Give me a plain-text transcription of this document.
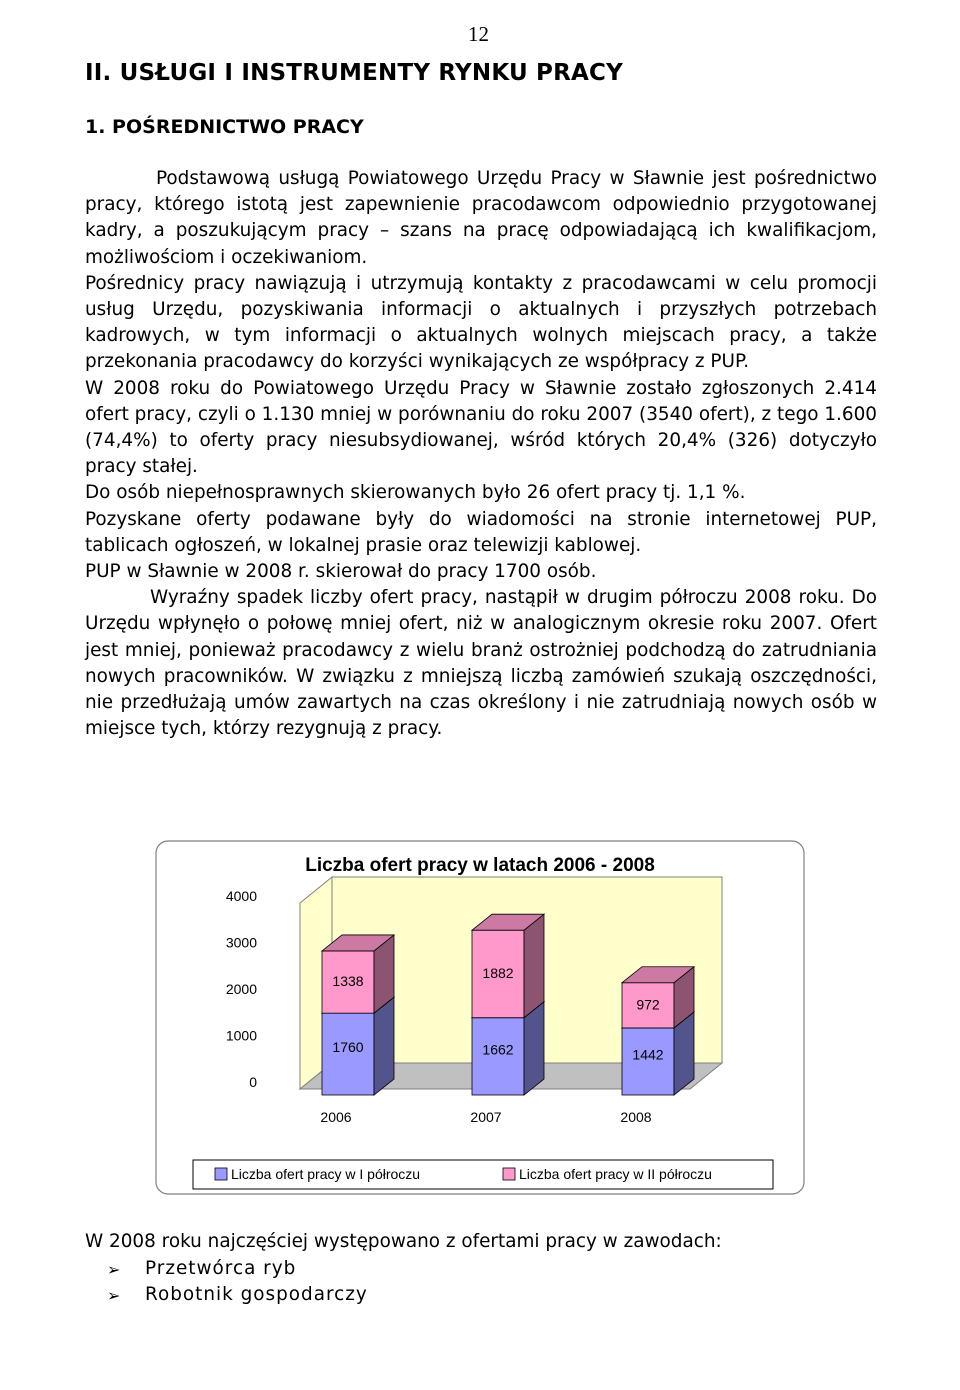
12
II. USŁUGI I INSTRUMENTY RYNKU PRACY
1. POŚREDNICTWO PRACY

Podstawową usługą Powiatowego Urzędu Pracy w Sławnie jest pośrednictwo pracy, którego istotą jest zapewnienie pracodawcom odpowiednio przygotowanej kadry, a poszukującym pracy – szans na pracę odpowiadającą ich kwalifikacjom, możliwościom i oczekiwaniom.

Pośrednicy pracy nawiązują i utrzymują kontakty z pracodawcami w celu promocji usług Urzędu, pozyskiwania informacji o aktualnych i przyszłych potrzebach kadrowych, w tym informacji o aktualnych wolnych miejscach pracy, a także przekonania pracodawcy do korzyści wynikających ze współpracy z PUP.

W 2008 roku do Powiatowego Urzędu Pracy w Sławnie zostało zgłoszonych 2.414 ofert pracy, czyli o 1.130 mniej w porównaniu do roku 2007 (3540 ofert), z tego 1.600 (74,4%) to oferty pracy niesubsydiowanej, wśród których 20,4% (326) dotyczyło pracy stałej.

Do osób niepełnosprawnych skierowanych było 26 ofert pracy tj. 1,1 %.

Pozyskane oferty podawane były do wiadomości na stronie internetowej PUP, tablicach ogłoszeń, w lokalnej prasie oraz telewizji kablowej.

PUP w Sławnie w 2008 r. skierował do pracy 1700 osób.

Wyraźny spadek liczby ofert pracy, nastąpił w drugim półroczu 2008 roku. Do Urzędu wpłynęło o połowę mniej ofert, niż w analogicznym okresie roku 2007. Ofert jest mniej, ponieważ pracodawcy z wielu branż ostrożniej podchodzą do zatrudniania nowych pracowników. W związku z mniejszą liczbą zamówień szukają oszczędności, nie przedłużają umów zawartych na czas określony i nie zatrudniają nowych osób w miejsce tych, którzy rezygnują z pracy.

Liczba ofert pracy w latach 2006 - 2008
0
1000
2000
3000
4000
1760
1338
2006
1662
1882
2007
1442
972
2008
Liczba ofert pracy w I półroczu	Liczba ofert pracy w II półroczu
W 2008 roku najczęściej występowano z ofertami pracy w zawodach:
➢ Przetwórca ryb
➢ Robotnik gospodarczy
